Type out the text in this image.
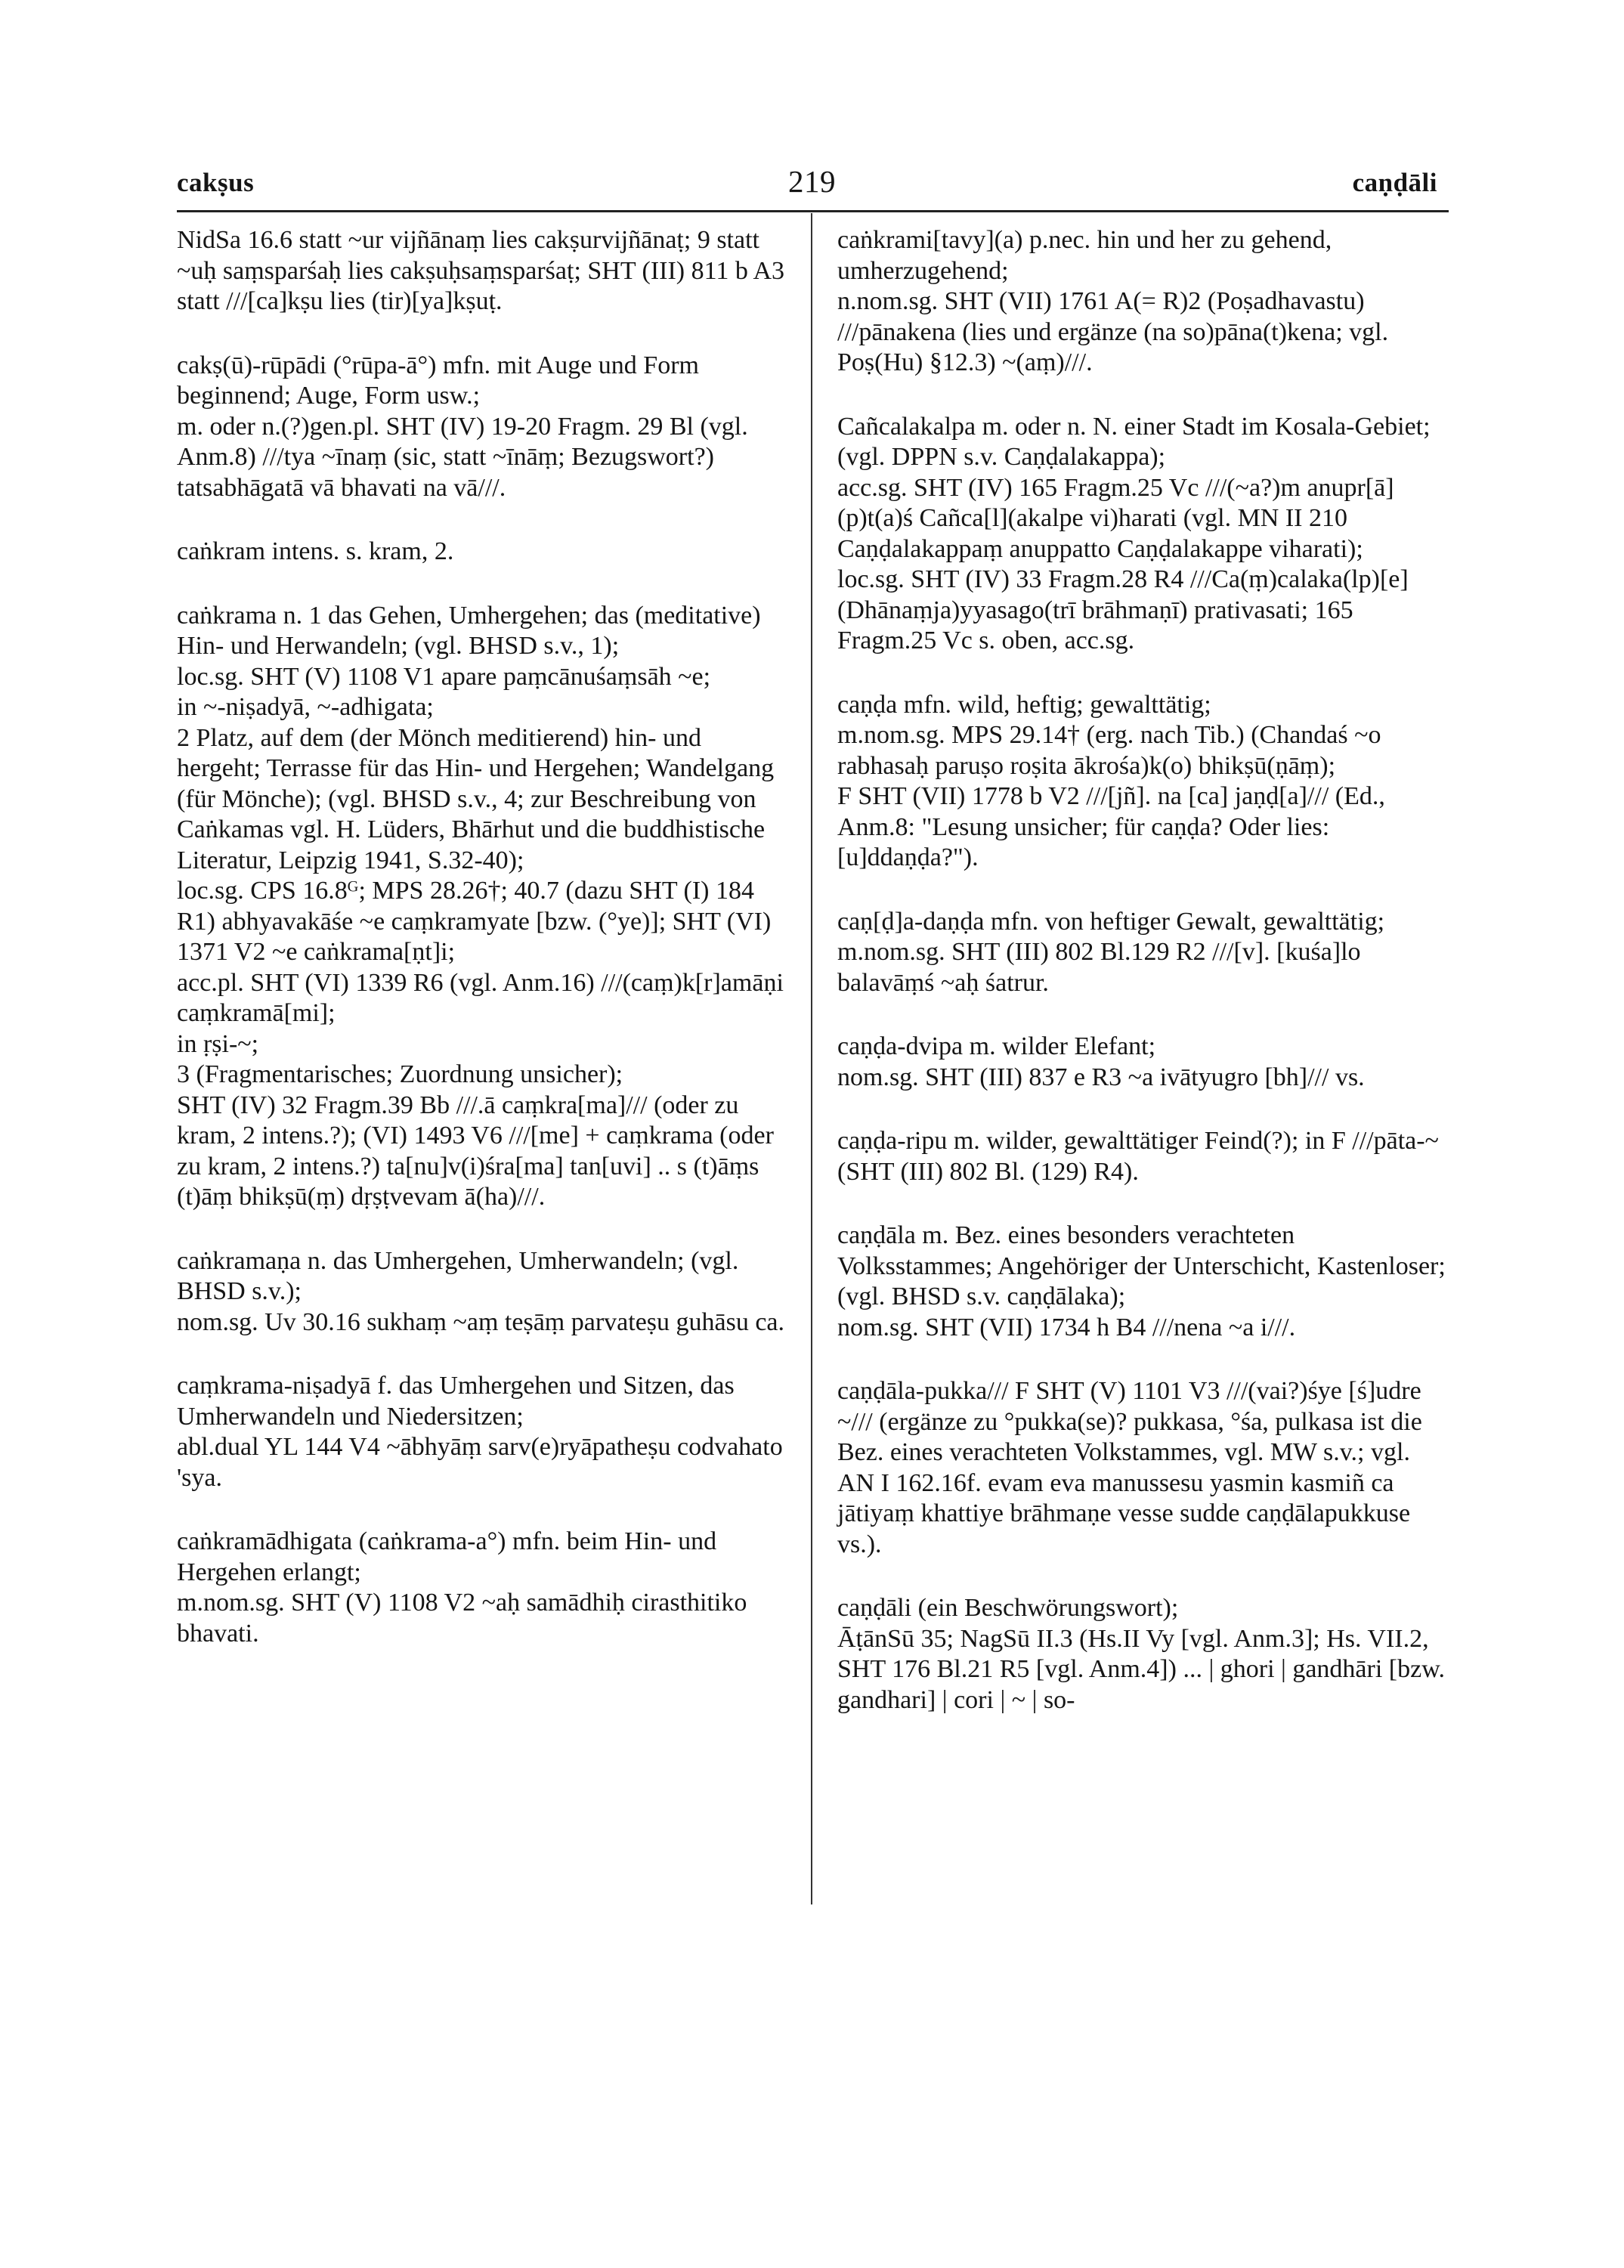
cakṣus	219	caṇḍāli

NidSa 16.6 statt ~ur vijñānaṃ lies cakṣurvijñānaṭ; 9 statt ~uḥ saṃsparśaḥ lies cakṣuḥsaṃsparśaṭ; SHT (III) 811 b A3 statt ///[ca]kṣu lies (tir)[ya]kṣuṭ.

cakṣ(ū)-rūpādi (°rūpa-ā°) mfn. mit Auge und Form beginnend; Auge, Form usw.;

m. oder n.(?)gen.pl. SHT (IV) 19-20 Fragm. 29 Bl (vgl. Anm.8) ///tya ~īnaṃ (sic, statt ~īnāṃ; Bezugswort?) tatsabhāgatā vā bhavati na vā///.

caṅkram intens. s. kram, 2.

caṅkrama n. 1 das Gehen, Umhergehen; das (meditative) Hin- und Herwandeln; (vgl. BHSD s.v., 1);

loc.sg. SHT (V) 1108 V1 apare paṃcānuśaṃsāh ~e;

in ~-niṣadyā, ~-adhigata;

2 Platz, auf dem (der Mönch meditierend) hin- und hergeht; Terrasse für das Hin- und Hergehen; Wandelgang (für Mönche); (vgl. BHSD s.v., 4; zur Beschreibung von Caṅkamas vgl. H. Lüders, Bhārhut und die buddhistische Literatur, Leipzig 1941, S.32-40);

loc.sg. CPS 16.8ᴳ; MPS 28.26†; 40.7 (dazu SHT (I) 184 R1) abhyavakāśe ~e caṃkramyate [bzw. (°ye)]; SHT (VI) 1371 V2 ~e caṅkrama[ṇt]i;

acc.pl. SHT (VI) 1339 R6 (vgl. Anm.16) ///(caṃ)k[r]amāṇi caṃkramā[mi];

in ṛṣi-~;

3 (Fragmentarisches; Zuordnung unsicher);

SHT (IV) 32 Fragm.39 Bb ///.ā caṃkra[ma]/// (oder zu kram, 2 intens.?); (VI) 1493 V6 ///[me] + caṃkrama (oder zu kram, 2 intens.?) ta[nu]v(i)śra[ma] tan[uvi] .. s (t)āṃs (t)āṃ bhikṣū(ṃ) dṛṣṭvevam ā(ha)///.

caṅkramaṇa n. das Umhergehen, Umherwandeln; (vgl. BHSD s.v.);

nom.sg. Uv 30.16 sukhaṃ ~aṃ teṣāṃ parvateṣu guhāsu ca.

caṃkrama-niṣadyā f. das Umhergehen und Sitzen, das Umherwandeln und Niedersitzen;

abl.dual YL 144 V4 ~ābhyāṃ sarv(e)ryāpatheṣu codvahato 'sya.

caṅkramādhigata (caṅkrama-a°) mfn. beim Hin- und Hergehen erlangt;

m.nom.sg. SHT (V) 1108 V2 ~aḥ samādhiḥ cirasthitiko bhavati.

caṅkrami[tavy](a) p.nec. hin und her zu gehend, umherzugehend;

n.nom.sg. SHT (VII) 1761 A(= R)2 (Poṣadhavastu) ///pānakena (lies und ergänze (na so)pāna(t)kena; vgl. Poṣ(Hu) §12.3) ~(aṃ)///.

Cañcalakalpa m. oder n. N. einer Stadt im Kosala-Gebiet; (vgl. DPPN s.v. Caṇḍalakappa);

acc.sg. SHT (IV) 165 Fragm.25 Vc ///(~a?)m anupr[ā](p)t(a)ś Cañca[l](akalpe vi)harati (vgl. MN II 210 Caṇḍalakappaṃ anuppatto Caṇḍalakappe viharati);

loc.sg. SHT (IV) 33 Fragm.28 R4 ///Ca(ṃ)calaka(lp)[e] (Dhānaṃja)yyasago(trī brāhmaṇī) prativasati; 165 Fragm.25 Vc s. oben, acc.sg.

caṇḍa mfn. wild, heftig; gewalttätig;

m.nom.sg. MPS 29.14† (erg. nach Tib.) (Chandaś ~o rabhasaḥ paruṣo roṣita ākrośa)k(o) bhikṣū(ṇāṃ);

F SHT (VII) 1778 b V2 ///[jñ]. na [ca] jaṇḍ[a]/// (Ed., Anm.8: "Lesung unsicher; für caṇḍa? Oder lies: [u]ddaṇḍa?").

caṇ[ḍ]a-daṇḍa mfn. von heftiger Gewalt, gewalttätig;

m.nom.sg. SHT (III) 802 Bl.129 R2 ///[v]. [kuśa]lo balavāṃś ~aḥ śatrur.

caṇḍa-dvipa m. wilder Elefant;

nom.sg. SHT (III) 837 e R3 ~a ivātyugro [bh]/// vs.

caṇḍa-ripu m. wilder, gewalttätiger Feind(?); in F ///pāta-~ (SHT (III) 802 Bl. (129) R4).

caṇḍāla m. Bez. eines besonders verachteten Volksstammes; Angehöriger der Unterschicht, Kastenloser; (vgl. BHSD s.v. caṇḍālaka);

nom.sg. SHT (VII) 1734 h B4 ///nena ~a i///.

caṇḍāla-pukka/// F SHT (V) 1101 V3 ///(vai?)śye [ś]udre ~/// (ergänze zu °pukka(se)? pukkasa, °śa, pulkasa ist die Bez. eines verachteten Volkstammes, vgl. MW s.v.; vgl. AN I 162.16f. evam eva manussesu yasmin kasmiñ ca jātiyaṃ khattiye brāhmaṇe vesse sudde caṇḍālapukkuse vs.).

caṇḍāli (ein Beschwörungswort);

ĀṭānSū 35; NagSū II.3 (Hs.II Vy [vgl. Anm.3]; Hs. VII.2, SHT 176 Bl.21 R5 [vgl. Anm.4]) ... | ghori | gandhāri [bzw. gandhari] | cori | ~ | so-
